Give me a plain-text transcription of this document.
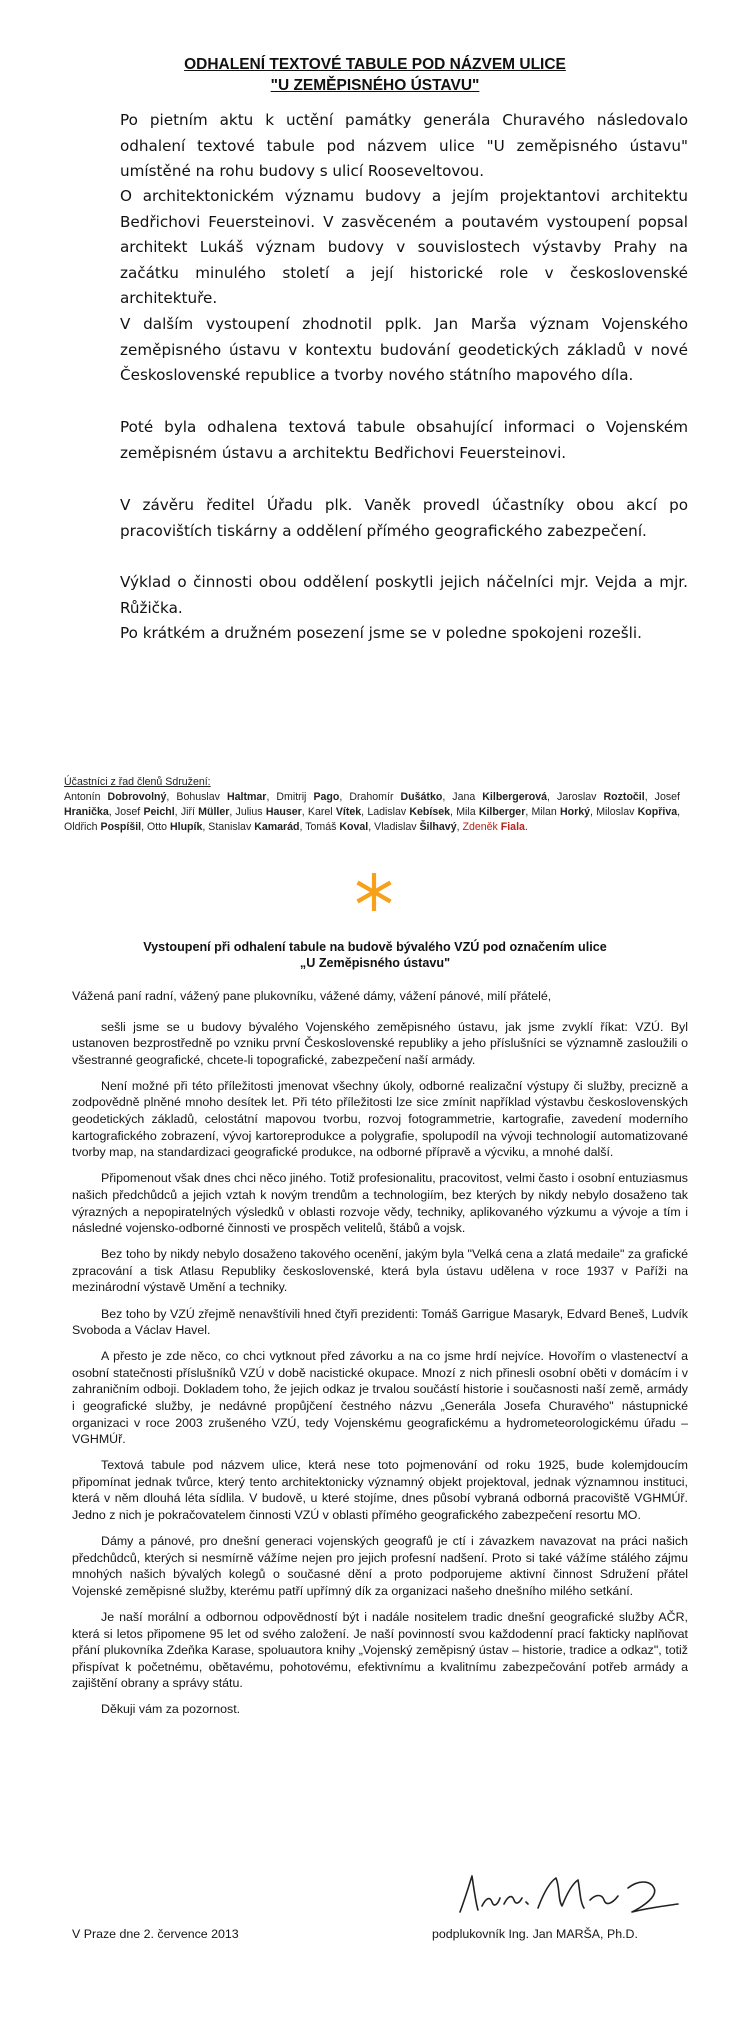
ODHALENÍ TEXTOVÉ TABULE POD NÁZVEM ULICE
"U ZEMĚPISNÉHO ÚSTAVU"

Po pietním aktu k uctění památky generála Churavého následovalo odhalení textové tabule pod názvem ulice "U zeměpisného ústavu" umístěné na rohu budovy s ulicí Rooseveltovou.

O architektonickém významu budovy a jejím projektantovi architektu Bedřichovi Feuersteinovi. V zasvěceném a poutavém vystoupení popsal architekt Lukáš význam budovy v souvislostech výstavby Prahy na začátku minulého století a její historické role v československé architektuře.

V dalším vystoupení zhodnotil pplk. Jan Marša význam Vojenského zeměpisného ústavu v kontextu budování geodetických základů v nové Československé republice a tvorby nového státního mapového díla.

Poté byla odhalena textová tabule obsahující informaci o Vojenském zeměpisném ústavu a architektu Bedřichovi Feuersteinovi.

V závěru ředitel Úřadu plk. Vaněk provedl účastníky obou akcí po pracovištích tiskárny a oddělení přímého geografického zabezpečení.

Výklad o činnosti obou oddělení poskytli jejich náčelníci mjr. Vejda a mjr. Růžička.

Po krátkém a družném posezení jsme se v poledne spokojeni rozešli.

Účastníci z řad členů Sdružení:
Antonín Dobrovolný, Bohuslav Haltmar, Dmitrij Pago, Drahomír Dušátko, Jana Kilbergerová, Jaroslav Roztočil, Josef Hranička, Josef Peichl, Jiří Müller, Julius Hauser, Karel Vítek, Ladislav Kebísek, Mila Kilberger, Milan Horký, Miloslav Kopřiva, Oldřich Pospíšil, Otto Hlupík, Stanislav Kamarád, Tomáš Koval, Vladislav Šilhavý, Zdeněk Fiala.
Vystoupení při odhalení tabule na budově bývalého VZÚ pod označením ulice
„U Zeměpisného ústavu"

Vážená paní radní, vážený pane plukovníku, vážené dámy, vážení pánové, milí přátelé,

sešli jsme se u budovy bývalého Vojenského zeměpisného ústavu, jak jsme zvyklí říkat: VZÚ. Byl ustanoven bezprostředně po vzniku první Československé republiky a jeho příslušníci se významně zasloužili o všestranné geografické, chcete-li topografické, zabezpečení naší armády.

Není možné při této příležitosti jmenovat všechny úkoly, odborné realizační výstupy či služby, precizně a zodpovědně plněné mnoho desítek let. Při této příležitosti lze sice zmínit například výstavbu československých geodetických základů, celostátní mapovou tvorbu, rozvoj fotogrammetrie, kartografie, zavedení moderního kartografického zobrazení, vývoj kartoreprodukce a polygrafie, spolupodíl na vývoji technologií automatizované tvorby map, na standardizaci geografické produkce, na odborné přípravě a výcviku, a mnohé další.

Připomenout však dnes chci něco jiného. Totiž profesionalitu, pracovitost, velmi často i osobní entuziasmus našich předchůdců a jejich vztah k novým trendům a technologiím, bez kterých by nikdy nebylo dosaženo tak výrazných a nepopiratelných výsledků v oblasti rozvoje vědy, techniky, aplikovaného výzkumu a vývoje a tím i následné vojensko-odborné činnosti ve prospěch velitelů, štábů a vojsk.

Bez toho by nikdy nebylo dosaženo takového ocenění, jakým byla "Velká cena a zlatá medaile" za grafické zpracování a tisk Atlasu Republiky československé, která byla ústavu udělena v roce 1937 v Paříži na mezinárodní výstavě Umění a techniky.

Bez toho by VZÚ zřejmě nenavštívili hned čtyři prezidenti: Tomáš Garrigue Masaryk, Edvard Beneš, Ludvík Svoboda a Václav Havel.

A přesto je zde něco, co chci vytknout před závorku a na co jsme hrdí nejvíce. Hovořím o vlastenectví a osobní statečnosti příslušníků VZÚ v době nacistické okupace. Mnozí z nich přinesli osobní oběti v domácím i v zahraničním odboji. Dokladem toho, že jejich odkaz je trvalou součástí historie i současnosti naší země, armády i geografické služby, je nedávné propůjčení čestného názvu „Generála Josefa Churavého" nástupnické organizaci v roce 2003 zrušeného VZÚ, tedy Vojenskému geografickému a hydrometeorologickému úřadu – VGHMÚř.

Textová tabule pod názvem ulice, která nese toto pojmenování od roku 1925, bude kolemjdoucím připomínat jednak tvůrce, který tento architektonicky významný objekt projektoval, jednak významnou instituci, která v něm dlouhá léta sídlila. V budově, u které stojíme, dnes působí vybraná odborná pracoviště VGHMÚř. Jedno z nich je pokračovatelem činnosti VZÚ v oblasti přímého geografického zabezpečení resortu MO.

Dámy a pánové, pro dnešní generaci vojenských geografů je ctí i závazkem navazovat na práci našich předchůdců, kterých si nesmírně vážíme nejen pro jejich profesní nadšení. Proto si také vážíme stálého zájmu mnohých našich bývalých kolegů o současné dění a proto podporujeme aktivní činnost Sdružení přátel Vojenské zeměpisné služby, kterému patří upřímný dík za organizaci našeho dnešního milého setkání.

Je naší morální a odbornou odpovědností být i nadále nositelem tradic dnešní geografické služby AČR, která si letos připomene 95 let od svého založení. Je naší povinností svou každodenní prací fakticky naplňovat přání plukovníka Zdeňka Karase, spoluautora knihy „Vojenský zeměpisný ústav – historie, tradice a odkaz", totiž přispívat k početnému, obětavému, pohotovému, efektivnímu a kvalitnímu zabezpečování potřeb armády a zajištění obrany a správy státu.

Děkuji vám za pozornost.

V Praze dne 2. července 2013	podplukovník Ing. Jan MARŠA, Ph.D.
